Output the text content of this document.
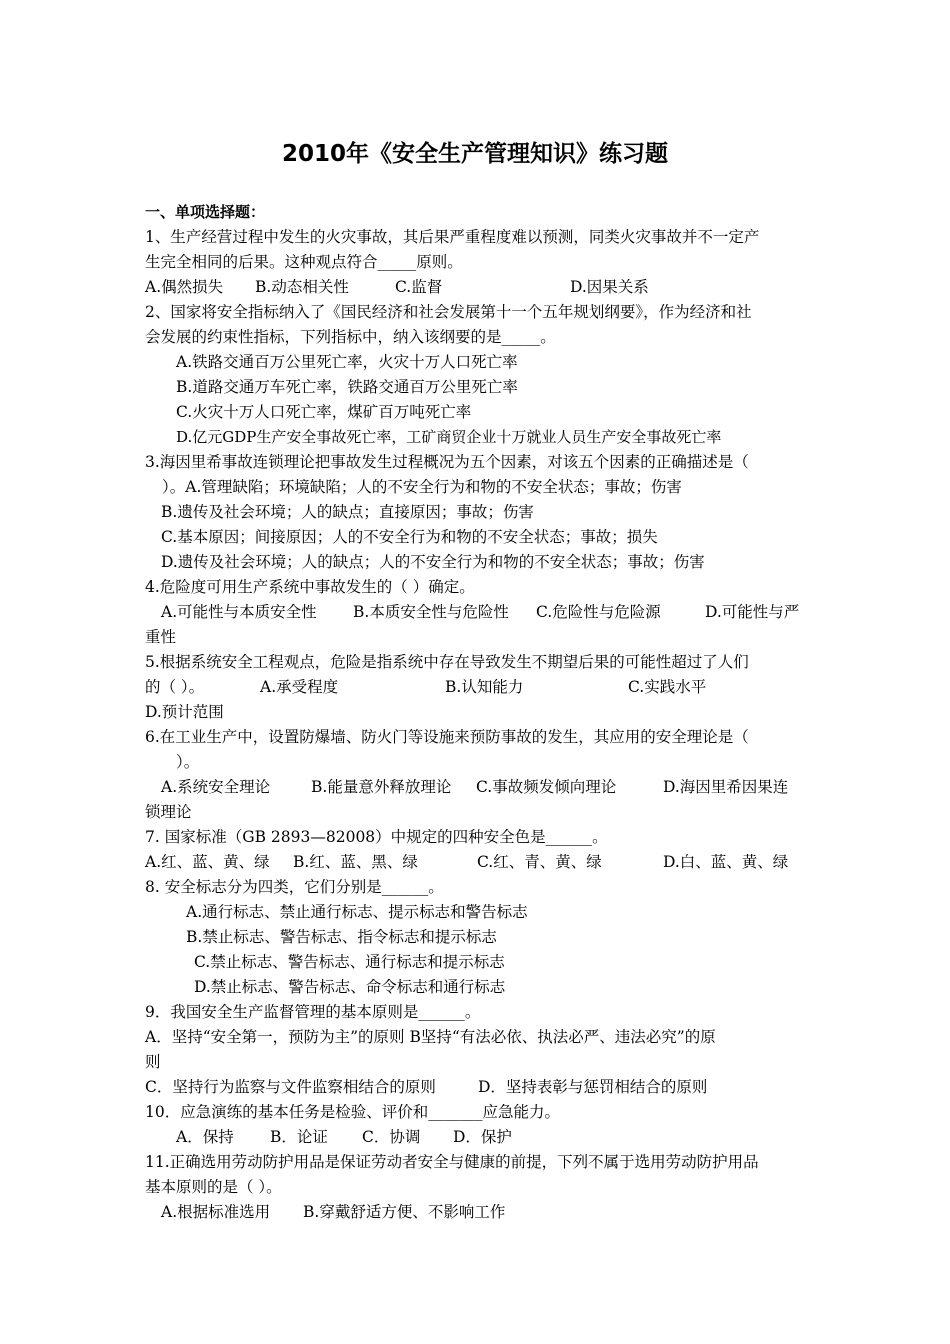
2010年《安全生产管理知识》练习题
一、单项选择题：
1、生产经营过程中发生的火灾事故，其后果严重程度难以预测，同类火灾事故并不一定产
生完全相同的后果。这种观点符合_____原则。
A.偶然损失 B.动态相关性	C.监督	D.因果关系
2、国家将安全指标纳入了《国民经济和社会发展第十一个五年规划纲要》，作为经济和社
会发展的约束性指标，下列指标中，纳入该纲要的是_____。
A.铁路交通百万公里死亡率，火灾十万人口死亡率
B.道路交通万车死亡率，铁路交通百万公里死亡率
C.火灾十万人口死亡率，煤矿百万吨死亡率
D.亿元GDP生产安全事故死亡率，工矿商贸企业十万就业人员生产安全事故死亡率
3.海因里希事故连锁理论把事故发生过程概况为五个因素，对该五个因素的正确描述是（
）。A.管理缺陷；环境缺陷；人的不安全行为和物的不安全状态；事故；伤害
B.遗传及社会环境；人的缺点；直接原因；事故；伤害
C.基本原因；间接原因；人的不安全行为和物的不安全状态；事故；损失
D.遗传及社会环境；人的缺点；人的不安全行为和物的不安全状态；事故；伤害
4.危险度可用生产系统中事故发生的（ ）确定。
A.可能性与本质安全性 B.本质安全性与危险性 C.危险性与危险源	D.可能性与严
重性
5.根据系统安全工程观点，危险是指系统中存在导致发生不期望后果的可能性超过了人们
的（ ）。	A.承受程度	B.认知能力	C.实践水平
D.预计范围
6.在工业生产中，设置防爆墙、防火门等设施来预防事故的发生，其应用的安全理论是（
）。
A.系统安全理论	B.能量意外释放理论 C.事故频发倾向理论	D.海因里希因果连
锁理论
7. 国家标准（GB 2893—82008）中规定的四种安全色是______。
A.红、蓝、黄、绿 B.红、蓝、黑、绿	C.红、青、黄、绿	D.白、蓝、黄、绿
8. 安全标志分为四类，它们分别是______。
A.通行标志、禁止通行标志、提示标志和警告标志
B.禁止标志、警告标志、指令标志和提示标志
C.禁止标志、警告标志、通行标志和提示标志
D.禁止标志、警告标志、命令标志和通行标志
9．我国安全生产监督管理的基本原则是______。
A．坚持“安全第一，预防为主”的原则 B坚持“有法必依、执法必严、违法必究”的原
则
C．坚持行为监察与文件监察相结合的原则	D．坚持表彰与惩罚相结合的原则
10．应急演练的基本任务是检验、评价和_______应急能力。
A．保持 B．论证 C．协调 D．保护
11.正确选用劳动防护用品是保证劳动者安全与健康的前提，下列不属于选用劳动防护用品
基本原则的是（ ）。
A.根据标准选用 B.穿戴舒适方便、不影响工作
